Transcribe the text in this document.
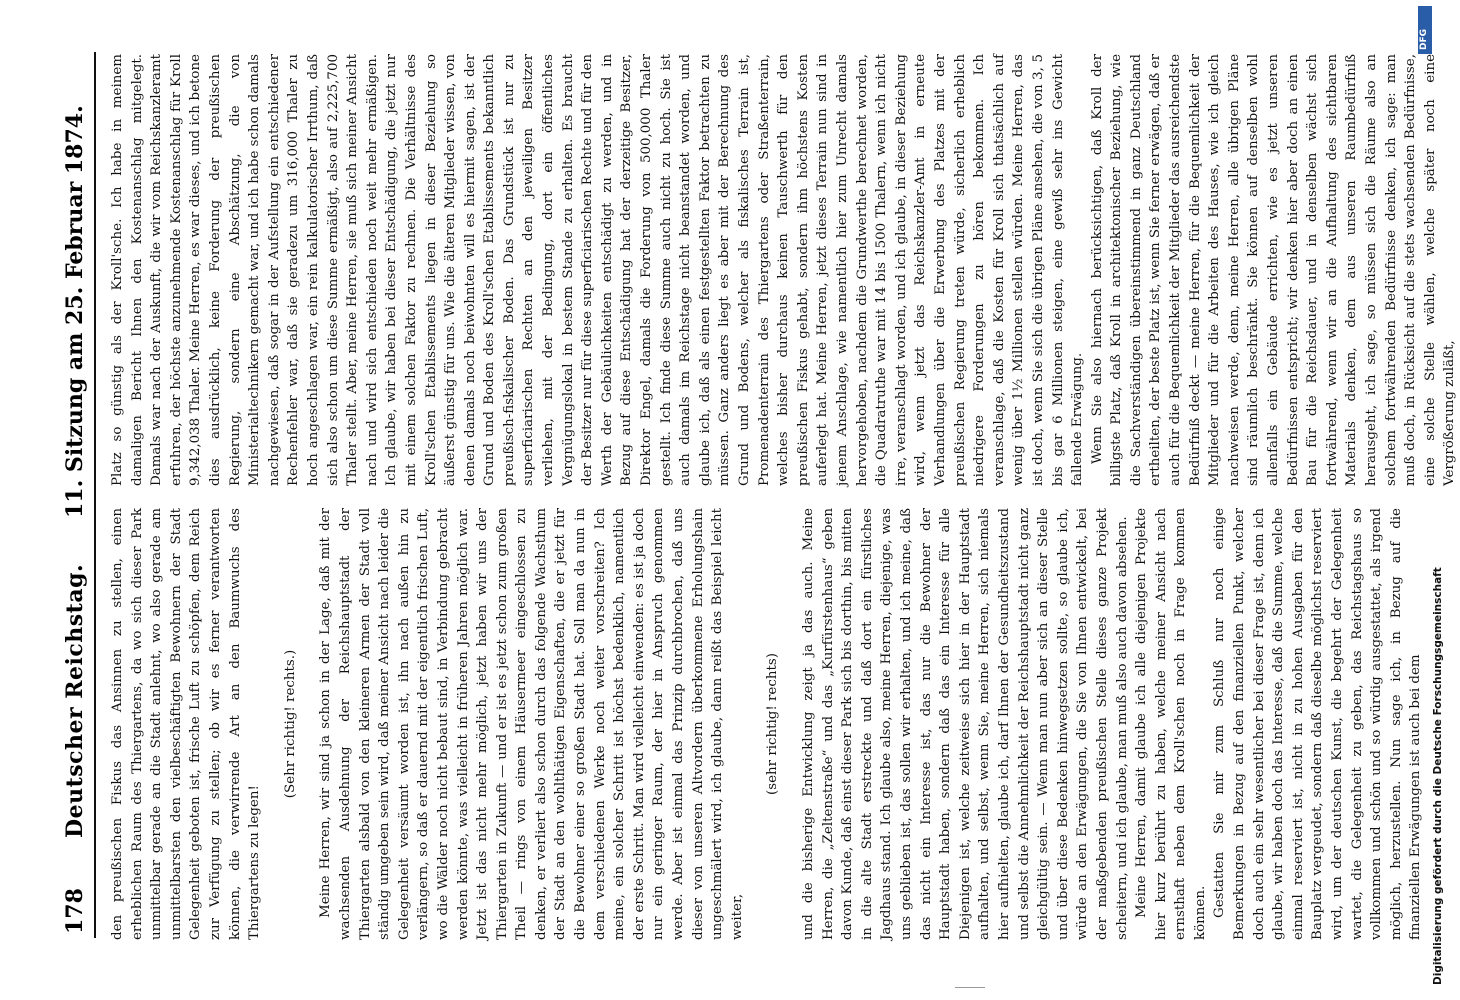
178
Deutscher Reichstag.
11. Sitzung am 25. Februar 1874.

den preußischen Fiskus das Ansinnen zu stellen, einen erheblichen Raum des Thiergartens, da wo sich dieser Park unmittelbar gerade an die Stadt anlehnt, wo also gerade am unmittelbarsten den vielbeschäftigten Bewohnern der Stadt Gelegenheit geboten ist, frische Luft zu schöpfen, dem Reich zur Verfügung zu stellen; ob wir es ferner verantworten können, die verwirrende Art an den Baumwuchs des Thiergartens zu legen!

(Sehr richtig! rechts.) Meine Herren, wir sind ja schon in der Lage, daß mit der wachsenden Ausdehnung der Reichshauptstadt der Thiergarten alsbald von den kleineren Armen der Stadt voll ständig umgeben sein wird, daß meiner Ansicht nach leider die Gelegenheit versäumt worden ist, ihn nach außen hin zu verlängern, so daß er dauernd mit der eigentlich frischen Luft, wo die Wälder noch nicht bebaut sind, in Verbindung gebracht werden könnte, was vielleicht in früheren Jahren möglich war. Jetzt ist das nicht mehr möglich, jetzt haben wir uns der Thiergarten in Zukunft — und er ist es jetzt schon zum großen Theil — rings von einem Häusermeer eingeschlossen zu denken, er verliert also schon durch das folgende Wachsthum der Stadt an den wohlthätigen Eigenschaften, die er jetzt für die Bewohner einer so großen Stadt hat. Soll man da nun in dem verschiedenen Werke noch weiter vorschreiten? Ich meine, ein solcher Schritt ist höchst bedenklich, namentlich der erste Schritt. Man wird vielleicht einwenden: es ist ja doch nur ein geringer Raum, der hier in Anspruch genommen werde. Aber ist einmal das Prinzip durchbrochen, daß uns dieser von unseren Altvordern überkommene Erholungshain ungeschmälert wird, ich glaube, dann reißt das Beispiel leicht weiter,

(sehr richtig! rechts) und die bisherige Entwicklung zeigt ja das auch. Meine Herren, die „Zeltenstraße“ und das „Kurfürstenhaus“ geben davon Kunde, daß einst dieser Park sich bis dorthin, bis mitten in die alte Stadt erstreckte und daß dort ein fürstliches Jagdhaus stand. Ich glaube also, meine Herren, diejenige, was uns geblieben ist, das sollen wir erhalten, und ich meine, daß das nicht ein Interesse ist, das nur die Bewohner der Hauptstadt haben, sondern daß das ein Interesse für alle Diejenigen ist, welche zeitweise sich hier in der Hauptstadt aufhalten, und selbst, wenn Sie, meine Herren, sich niemals hier aufhielten, glaube ich, darf Ihnen der Gesundheitszustand und selbst die Annehmlichkeit der Reichshauptstadt nicht ganz gleichgültig sein. — Wenn man nun aber sich an dieser Stelle und über diese Bedenken hinwegsetzen sollte, so glaube ich, würde an den Erwägungen, die Sie von Ihnen entwickelt, bei der maßgebenden preußischen Stelle dieses ganze Projekt scheitern, und ich glaube, man muß also auch davon absehen. Meine Herren, damit glaube ich alle diejenigen Projekte hier kurz berührt zu haben, welche meiner Ansicht nach ernsthaft neben dem Kroll'schen noch in Frage kommen können. Gestatten Sie mir zum Schluß nur noch einige Bemerkungen in Bezug auf den finanziellen Punkt, welcher doch auch ein sehr wesentlicher bei dieser Frage ist, denn ich glaube, wir haben doch das Interesse, daß die Summe, welche einmal reserviert ist, nicht in zu hohen Ausgaben für den Bauplatz vergeudet, sondern daß dieselbe möglichst reserviert wird, um der deutschen Kunst, die begehrt der Gelegenheit wartet, die Gelegenheit zu geben, das Reichstagshaus so vollkommen und schön und so würdig ausgestattet, als irgend möglich, herzustellen. Nun sage ich, in Bezug auf die finanziellen Erwägungen ist auch bei dem

Platz so günstig als der Kroll'sche. Ich habe in meinem damaligen Bericht Ihnen den Kostenanschlag mitgelegt. Damals war nach der Auskunft, die wir vom Reichskanzleramt erfuhren, der höchste anzunehmende Kostenanschlag für Kroll 9,342,038 Thaler. Meine Herren, es war dieses, und ich betone dies ausdrücklich, keine Forderung der preußischen Regierung, sondern eine Abschätzung, die von Ministerialtechnikern gemacht war, und ich habe schon damals nachgewiesen, daß sogar in der Aufstellung ein entschiedener Rechenfehler war, daß sie geradezu um 316,000 Thaler zu hoch angeschlagen war, ein rein kalkulatorischer Irrthum, daß sich also schon um diese Summe ermäßigt, also auf 2,225,700 Thaler stellt. Aber, meine Herren, sie muß sich meiner Ansicht nach und wird sich entschieden noch weit mehr ermäßigen. Ich glaube, wir haben bei dieser Entschädigung, die jetzt nur mit einem solchen Faktor zu rechnen. Die Verhältnisse des Kroll'schen Etablissements liegen in dieser Beziehung so äußerst günstig für uns. Wie die älteren Mitglieder wissen, von denen damals noch beiwohnten will es hiermit sagen, ist der Grund und Boden des Kroll'schen Etablissements bekanntlich preußisch-fiskalischer Boden. Das Grundstück ist nur zu superficiarischen Rechten an den jeweiligen Besitzer verliehen, mit der Bedingung, dort ein öffentliches Vergnügungslokal in bestem Stande zu erhalten. Es braucht der Besitzer nur für diese superficiarischen Rechte und für den Werth der Gebäulichkeiten entschädigt zu werden, und in Bezug auf diese Entschädigung hat der derzeitige Besitzer, Direktor Engel, damals die Forderung von 500,000 Thaler gestellt. Ich finde diese Summe auch nicht zu hoch. Sie ist auch damals im Reichstage nicht beanstandet worden, und glaube ich, daß als einen festgestellten Faktor betrachten zu müssen. Ganz anders liegt es aber mit der Berechnung des Grund und Bodens, welcher als fiskalisches Terrain ist, Promenadenterrain des Thiergartens oder Straßenterrain, welches bisher durchaus keinen Tauschwerth für den preußischen Fiskus gehabt, sondern ihm höchstens Kosten auferlegt hat. Meine Herren, jetzt dieses Terrain nun sind in jenem Anschlage, wie namentlich hier zum Unrecht damals hervorgehoben, nachdem die Grundwerthe berechnet worden, die Quadratruthe war mit 14 bis 1500 Thalern, wenn ich nicht irre, veranschlagt worden, und ich glaube, in dieser Beziehung wird, wenn jetzt das Reichskanzler-Amt in erneute Verhandlungen über die Erwerbung des Platzes mit der preußischen Regierung treten würde, sicherlich erheblich niedrigere Forderungen zu hören bekommen. Ich veranschlage, daß die Kosten für Kroll sich thatsächlich auf wenig über 1½ Millionen stellen würden. Meine Herren, das ist doch, wenn Sie sich die übrigen Pläne ansehen, die von 3, 5 bis gar 6 Millionen steigen, eine gewiß sehr ins Gewicht fallende Erwägung. Wenn Sie also hiernach berücksichtigen, daß Kroll der billigste Platz, daß Kroll in architektonischer Beziehung, wie die Sachverständigen übereinstimmend in ganz Deutschland ertheilten, der beste Platz ist, wenn Sie ferner erwägen, daß er auch für die Bequemlichkeit der Mitglieder das ausreichendste Bedürfniß deckt — meine Herren, für die Bequemlichkeit der Mitglieder und für die Arbeiten des Hauses, wie ich gleich nachweisen werde, denn, meine Herren, alle übrigen Pläne sind räumlich beschränkt. Sie können auf denselben wohl allenfalls ein Gebäude errichten, wie es jetzt unseren Bedürfnissen entspricht; wir denken hier aber doch an einen Bau für die Reichsdauer, und in denselben wächst sich fortwährend, wenn wir an die Aufhaltung des sichtbaren Materials denken, dem aus unseren Raumbedürfniß herausgeht, ich sage, so müssen sich die Räume also an solchem fortwährenden Bedürfnisse denken, ich sage: man muß doch, in Rücksicht auf die stets wachsenden Bedürfnisse, eine solche Stelle wählen, welche später noch eine Vergrößerung zuläßt,

DFG
Digitalisierung gefördert durch die Deutsche Forschungsgemeinschaft
